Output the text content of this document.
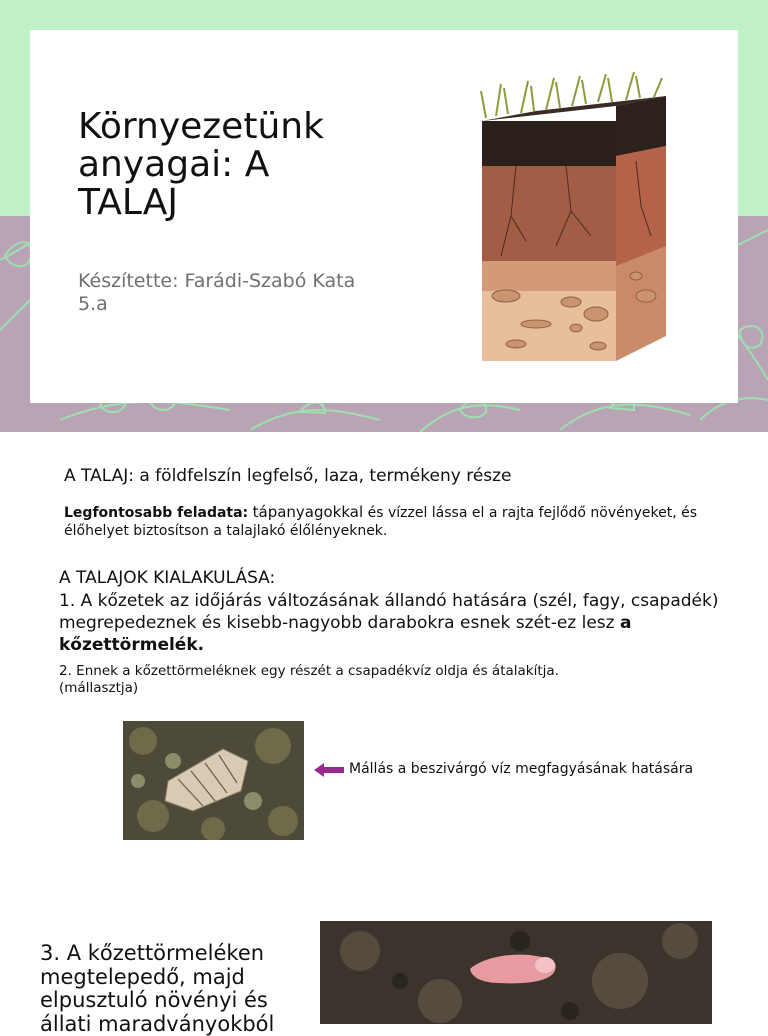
Környezetünk anyagai: A TALAJ
Készítette: Farádi-Szabó Kata 5.a
A TALAJ: a földfelszín legfelső, laza, termékeny része
Legfontosabb feladata: tápanyagokkal és vízzel lássa el a rajta fejlődő növényeket, és élőhelyet biztosítson a talajlakó élőlényeknek.
A TALAJOK KIALAKULÁSA:
1. A kőzetek az időjárás változásának állandó hatására (szél, fagy, csapadék) megrepedeznek és kisebb-nagyobb darabokra esnek szét-ez lesz a kőzettörmelék.
2. Ennek a kőzettörmeléknek egy részét a csapadékvíz oldja és átalakítja. (mállasztja)
Mállás a beszivárgó víz megfagyásának hatására
3. A kőzettörmeléken megtelepedő, majd elpusztuló növényi és állati maradványokból
